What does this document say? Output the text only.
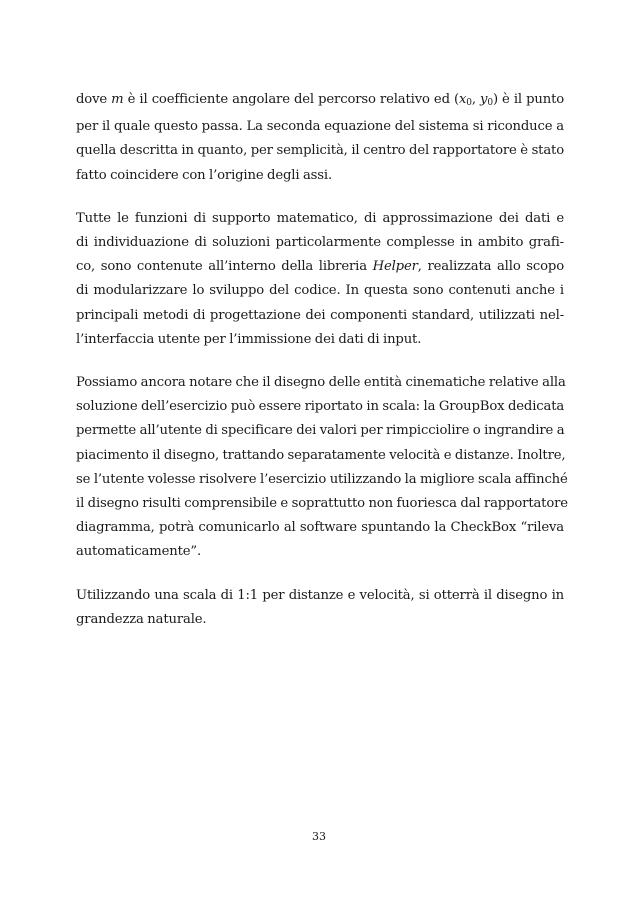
dove m è il coefficiente angolare del percorso relativo ed ($x_0$, $y_0$) è il punto
per il quale questo passa. La seconda equazione del sistema si riconduce a
quella descritta in quanto, per semplicità, il centro del rapportatore è stato
fatto coincidere con l’origine degli assi.
Tutte le funzioni di supporto matematico, di approssimazione dei dati e
di individuazione di soluzioni particolarmente complesse in ambito grafi-
co, sono contenute all’interno della libreria Helper, realizzata allo scopo
di modularizzare lo sviluppo del codice. In questa sono contenuti anche i
principali metodi di progettazione dei componenti standard, utilizzati nel-
l’interfaccia utente per l’immissione dei dati di input.
Possiamo ancora notare che il disegno delle entità cinematiche relative alla
soluzione dell’esercizio può essere riportato in scala: la GroupBox dedicata
permette all’utente di specificare dei valori per rimpicciolire o ingrandire a
piacimento il disegno, trattando separatamente velocità e distanze. Inoltre,
se l’utente volesse risolvere l’esercizio utilizzando la migliore scala affinché
il disegno risulti comprensibile e soprattutto non fuoriesca dal rapportatore
diagramma, potrà comunicarlo al software spuntando la CheckBox “rileva
automaticamente”.
Utilizzando una scala di 1:1 per distanze e velocità, si otterrà il disegno in
grandezza naturale.
33
